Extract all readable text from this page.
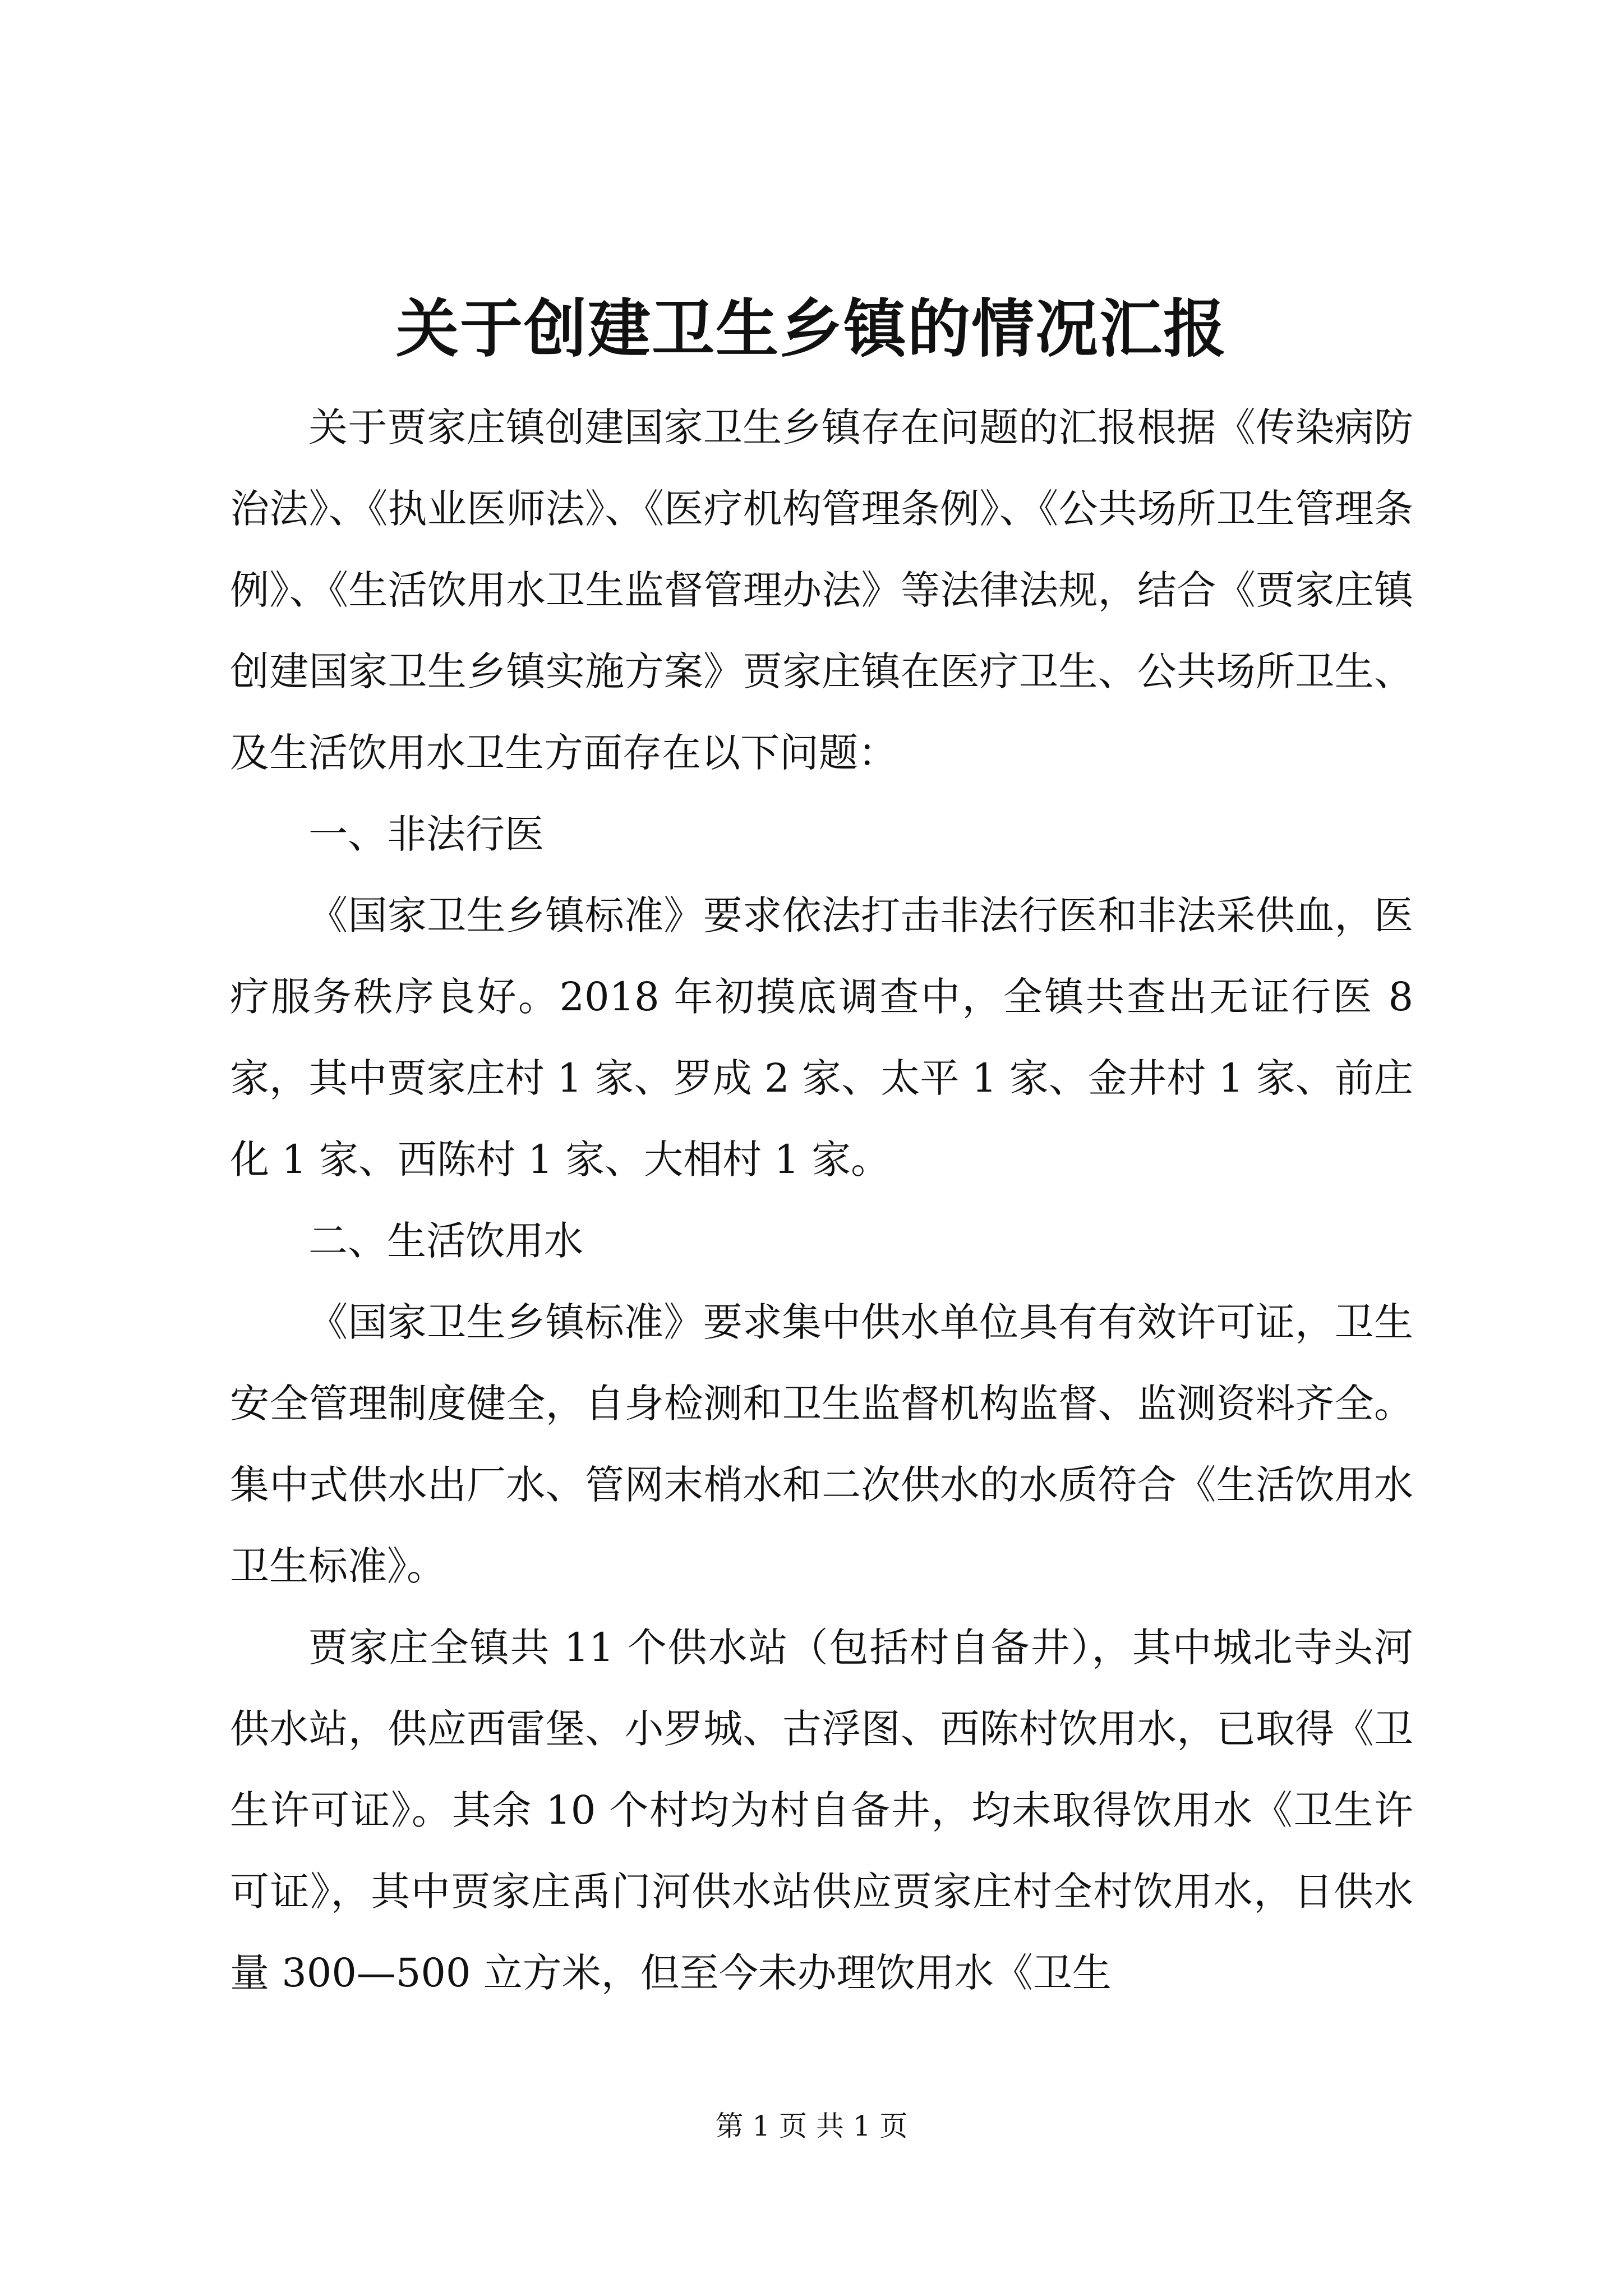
关于创建卫生乡镇的情况汇报

关于贾家庄镇创建国家卫生乡镇存在问题的汇报根据《传染病防治法》、《执业医师法》、《医疗机构管理条例》、《公共场所卫生管理条例》、《生活饮用水卫生监督管理办法》等法律法规，结合《贾家庄镇创建国家卫生乡镇实施方案》贾家庄镇在医疗卫生、公共场所卫生、及生活饮用水卫生方面存在以下问题：

一、非法行医

《国家卫生乡镇标准》要求依法打击非法行医和非法采供血，医疗服务秩序良好。2018 年初摸底调查中，全镇共查出无证行医 8 家，其中贾家庄村 1 家、罗成 2 家、太平 1 家、金井村 1 家、前庄化 1 家、西陈村 1 家、大相村 1 家。

二、生活饮用水

《国家卫生乡镇标准》要求集中供水单位具有有效许可证，卫生安全管理制度健全，自身检测和卫生监督机构监督、监测资料齐全。集中式供水出厂水、管网末梢水和二次供水的水质符合《生活饮用水卫生标准》。

贾家庄全镇共 11 个供水站（包括村自备井），其中城北寺头河供水站，供应西雷堡、小罗城、古浮图、西陈村饮用水，已取得《卫生许可证》。其余 10 个村均为村自备井，均未取得饮用水《卫生许可证》，其中贾家庄禹门河供水站供应贾家庄村全村饮用水，日供水量 300—500 立方米，但至今未办理饮用水《卫生

第 1 页 共 1 页
